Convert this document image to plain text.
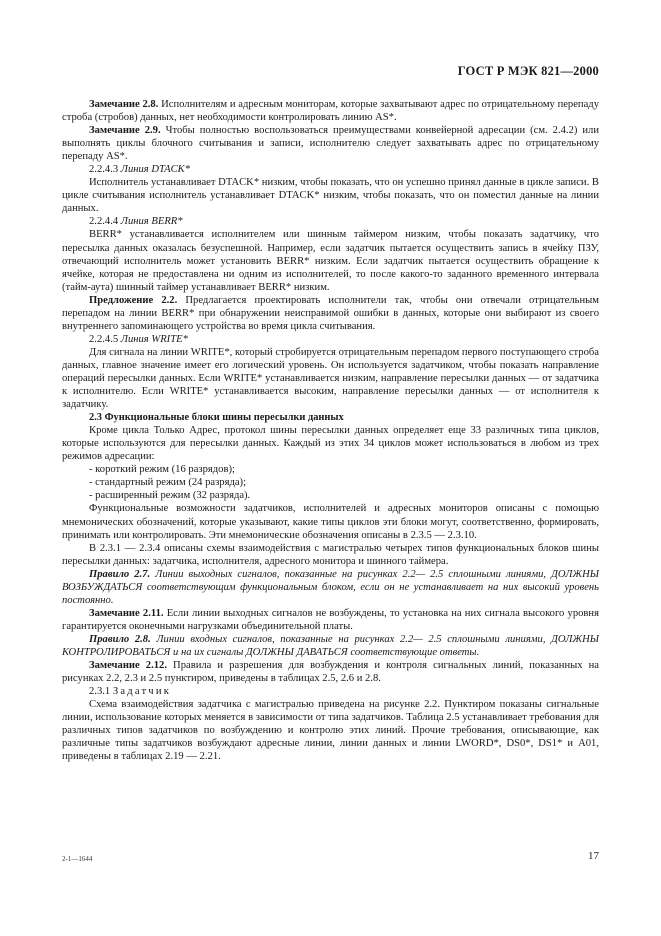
ГОСТ Р МЭК 821—2000

Замечание 2.8. Исполнителям и адресным мониторам, которые захватывают адрес по отрицательному перепаду строба (стробов) данных, нет необходимости контролировать линию AS*.

Замечание 2.9. Чтобы полностью воспользоваться преимуществами конвейерной адресации (см. 2.4.2) или выполнять циклы блочного считывания и записи, исполнителю следует захватывать адрес по отрицательному перепаду AS*.

2.2.4.3 Линия DTACK*

Исполнитель устанавливает DTACK* низким, чтобы показать, что он успешно принял данные в цикле записи. В цикле считывания исполнитель устанавливает DTACK* низким, чтобы показать, что он поместил данные на линии данных.

2.2.4.4 Линия BERR*

BERR* устанавливается исполнителем или шинным таймером низким, чтобы показать задатчику, что пересылка данных оказалась безуспешной. Например, если задатчик пытается осуществить запись в ячейку ПЗУ, отвечающий исполнитель может установить BERR* низким. Если задатчик пытается осуществить обращение к ячейке, которая не предоставлена ни одним из исполнителей, то после какого-то заданного временного интервала (тайм-аута) шинный таймер устанавливает BERR* низким.

Предложение 2.2. Предлагается проектировать исполнители так, чтобы они отвечали отрицательным перепадом на линии BERR* при обнаружении неисправимой ошибки в данных, которые они выбирают из своего внутреннего запоминающего устройства во время цикла считывания.

2.2.4.5 Линия WRITE*

Для сигнала на линии WRITE*, который стробируется отрицательным перепадом первого поступающего строба данных, главное значение имеет его логический уровень. Он используется задатчиком, чтобы показать направление операций пересылки данных. Если WRITE* устанавливается низким, направление пересылки данных — от задатчика к исполнителю. Если WRITE* устанавливается высоким, направление пересылки данных — от исполнителя к задатчику.

2.3 Функциональные блоки шины пересылки данных

Кроме цикла Только Адрес, протокол шины пересылки данных определяет еще 33 различных типа циклов, которые используются для пересылки данных. Каждый из этих 34 циклов может использоваться в любом из трех режимов адресации:

- короткий режим (16 разрядов);

- стандартный режим (24 разряда);

- расширенный режим (32 разряда).

Функциональные возможности задатчиков, исполнителей и адресных мониторов описаны с помощью мнемонических обозначений, которые указывают, какие типы циклов эти блоки могут, соответственно, формировать, принимать или контролировать. Эти мнемонические обозначения описаны в 2.3.5 — 2.3.10.

В 2.3.1 — 2.3.4 описаны схемы взаимодействия с магистралью четырех типов функциональных блоков шины пересылки данных: задатчика, исполнителя, адресного монитора и шинного таймера.

Правило 2.7. Линии выходных сигналов, показанные на рисунках 2.2— 2.5 сплошными линиями, ДОЛЖНЫ ВОЗБУЖДАТЬСЯ соответствующим функциональным блоком, если он не устанавливает на них высокий уровень постоянно.

Замечание 2.11. Если линии выходных сигналов не возбуждены, то установка на них сигнала высокого уровня гарантируется оконечными нагрузками объединительной платы.

Правило 2.8. Линии входных сигналов, показанные на рисунках 2.2— 2.5 сплошными линиями, ДОЛЖНЫ КОНТРОЛИРОВАТЬСЯ и на их сигналы ДОЛЖНЫ ДАВАТЬСЯ соответствующие ответы.

Замечание 2.12. Правила и разрешения для возбуждения и контроля сигнальных линий, показанных на рисунках 2.2, 2.3 и 2.5 пунктиром, приведены в таблицах 2.5, 2.6 и 2.8.

2.3.1 Задатчик

Схема взаимодействия задатчика с магистралью приведена на рисунке 2.2. Пунктиром показаны сигнальные линии, использование которых меняется в зависимости от типа задатчиков. Таблица 2.5 устанавливает требования для различных типов задатчиков по возбуждению и контролю этих линий. Прочие требования, описывающие, как различные типы задатчиков возбуждают адресные линии, линии данных и линии LWORD*, DS0*, DS1* и A01, приведены в таблицах 2.19 — 2.21.

2-1—1644	17
